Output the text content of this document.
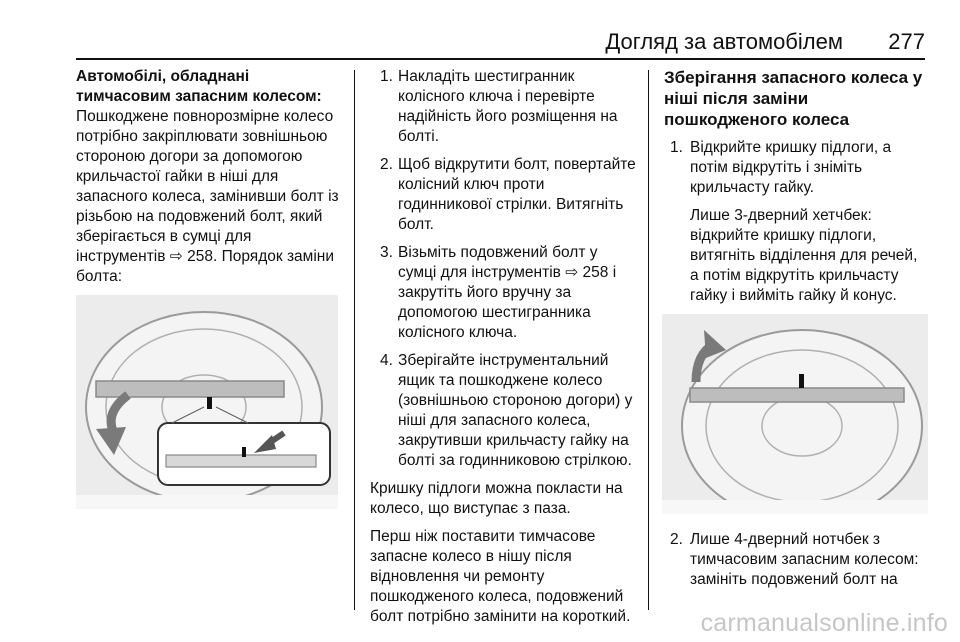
Догляд за автомобілем 277

Автомобілі, обладнані тимчасовим запасним колесом:

Пошкоджене повнорозмірне колесо потрібно закріплювати зовнішньою стороною догори за допомогою крильчастої гайки в ніші для запасного колеса, замінивши болт із різьбою на подовжений болт, який зберігається в сумці для інструментів ⇨ 258. Порядок заміни болта:

1. Накладіть шестигранник колісного ключа і перевірте надійність його розміщення на болті.
2. Щоб відкрутити болт, повертайте колісний ключ проти годинникової стрілки. Витягніть болт.
3. Візьміть подовжений болт у сумці для інструментів ⇨ 258 і закрутіть його вручну за допомогою шестигранника колісного ключа.
4. Зберігайте інструментальний ящик та пошкоджене колесо (зовнішньою стороною догори) у ніші для запасного колеса, закрутивши крильчасту гайку на болті за годинниковою стрілкою.

Кришку підлоги можна покласти на колесо, що виступає з паза.

Перш ніж поставити тимчасове запасне колесо в нішу після відновлення чи ремонту пошкодженого колеса, подовжений болт потрібно замінити на короткий.

Зберігання запасного колеса у ніші після заміни пошкодженого колеса

1. Відкрийте кришку підлоги, а потім відкрутіть і зніміть крильчасту гайку.

Лише 3-дверний хетчбек: відкрийте кришку підлоги, витягніть відділення для речей, а потім відкрутіть крильчасту гайку і вийміть гайку й конус.

2. Лише 4-дверний нотчбек з тимчасовим запасним колесом: замініть подовжений болт на
carmanualsonline.info
